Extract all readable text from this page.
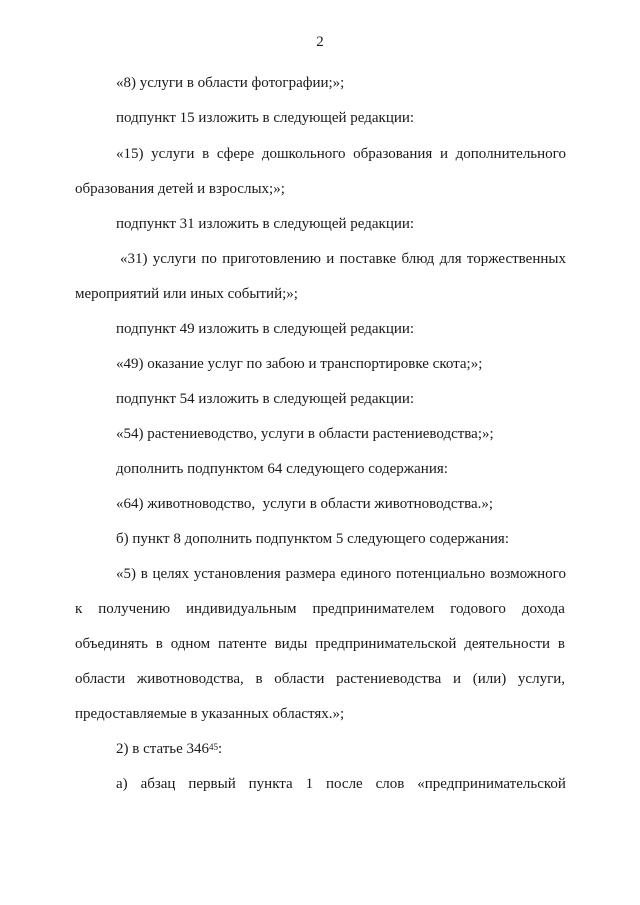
2
«8) услуги в области фотографии;»;
подпункт 15 изложить в следующей редакции:
«15) услуги в сфере дошкольного образования и дополнительного
образования детей и взрослых;»;
подпункт 31 изложить в следующей редакции:
«31) услуги по приготовлению и поставке блюд для торжественных
мероприятий или иных событий;»;
подпункт 49 изложить в следующей редакции:
«49) оказание услуг по забою и транспортировке скота;»;
подпункт 54 изложить в следующей редакции:
«54) растениеводство, услуги в области растениеводства;»;
дополнить подпунктом 64 следующего содержания:
«64) животноводство,  услуги в области животноводства.»;
б) пункт 8 дополнить подпунктом 5 следующего содержания:
«5) в целях установления размера единого потенциально возможного
к получению индивидуальным предпринимателем годового дохода
объединять в одном патенте виды предпринимательской деятельности в
области животноводства, в области растениеводства и (или) услуги,
предоставляемые в указанных областях.»;
2) в статье $346^{45}$:
а) абзац первый пункта 1 после слов «предпринимательской
